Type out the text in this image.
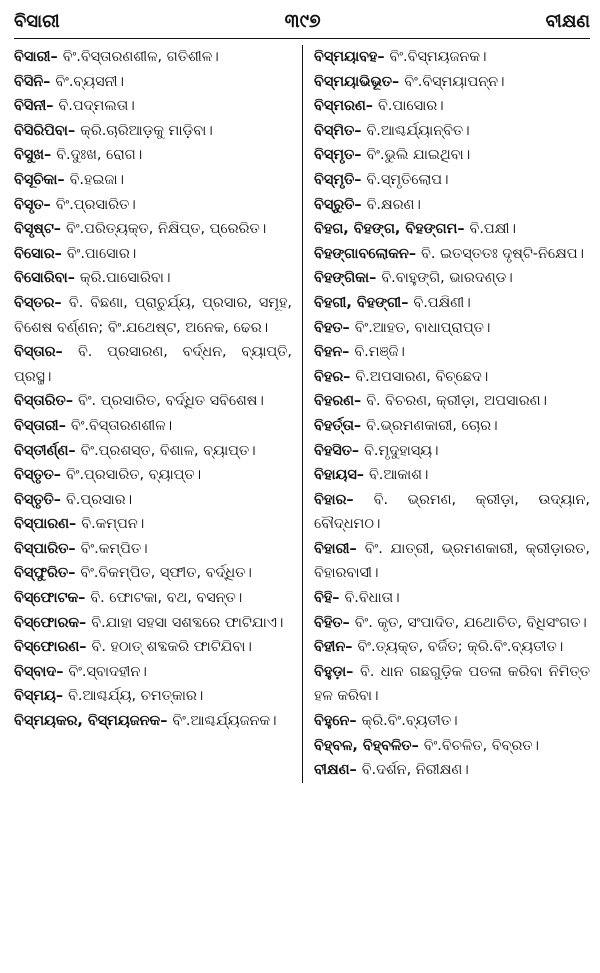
ବିସାରୀ	୩୯୭	ବୀକ୍ଷଣ
ବିସାରୀ– ବିଂ.ବିସ୍ତାରଣଶୀଳ, ଗତିଶୀଳ।
ବିସିନି– ବିଂ.ବ୍ୟସନୀ।
ବିସିନୀ– ବି.ପଦ୍ମଲତା।
ବିସିରିପିବା– କ୍ରି.ଚାରିଆଡ଼କୁ ମାଡ଼ିବା।
ବିସୁଖ– ବି.ଦୁଃଖ, ରୋଗ।
ବିସୂଚିକା– ବି.ହଇଜା।
ବିସୃତ– ବିଂ.ପ୍ରସାରିତ।
ବିସୃଷ୍ଟ– ବିଂ.ପରିତ୍ୟକ୍ତ, ନିକ୍ଷିପ୍ତ, ପ୍ରେରିତ।
ବିସୋର– ବିଂ.ପାସୋର।
ବିସୋରିବା– କ୍ରି.ପାସୋରିବା।
ବିସ୍ତର– ବି. ବିଛଣା, ପ୍ରାଚୁର୍ଯ୍ୟ, ପ୍ରସାର, ସମୂହ, ବିଶେଷ ବର୍ଣ୍ଣନ; ବିଂ.ଯଥେଷ୍ଟ, ଅନେକ, ଢେର।
ବିସ୍ତାର– ବି. ପ୍ରସାରଣ, ବର୍ଦ୍ଧନ, ବ୍ୟାପ୍ତି, ପ୍ରସ୍ଥ।
ବିସ୍ତାରିତ– ବିଂ. ପ୍ରସାରିତ, ବର୍ଦ୍ଧିତ ସବିଶେଷ।
ବିସ୍ତାରୀ– ବିଂ.ବିସ୍ତାରଣଶୀଳ।
ବିସ୍ତୀର୍ଣ୍ଣ– ବିଂ.ପ୍ରଶସ୍ତ, ବିଶାଳ, ବ୍ୟାପ୍ତ।
ବିସ୍ତୃତ– ବିଂ.ପ୍ରସାରିତ, ବ୍ୟାପ୍ତ।
ବିସ୍ତୃତି– ବି.ପ୍ରସାର।
ବିସ୍ପାରଣ– ବି.କମ୍ପନ।
ବିସ୍ପାରିତ– ବିଂ.କମ୍ପିତ।
ବିସ୍ଫୁରିତ– ବିଂ.ବିକମ୍ପିତ, ସ୍ଫୀତ, ବର୍ଦ୍ଧିତ।
ବିସ୍ଫୋଟକ– ବି. ଫୋଟକା, ବଥ, ବସନ୍ତ।
ବିସ୍ଫୋରକ– ବି.ଯାହା ସହସା ସଶବ୍ଦରେ ଫାଟିଯାଏ।
ବିସ୍ଫୋରଣ– ବି. ହଠାତ୍ ଶବ୍ଦକରି ଫାଟିଯିବା।
ବିସ୍ବାଦ– ବିଂ.ସ୍ବାଦହୀନ।
ବିସ୍ମୟ– ବି.ଆଶ୍ଚର୍ଯ୍ୟ, ଚମତ୍କାର।
ବିସ୍ମୟକର, ବିସ୍ମୟଜନକ– ବିଂ.ଆଶ୍ଚର୍ଯ୍ୟଜନକ।
ବିସ୍ମୟାବହ– ବିଂ.ବିସ୍ମୟଜନକ।
ବିସ୍ମୟାଭିଭୂତ– ବିଂ.ବିସ୍ମୟାପନ୍ନ।
ବିସ୍ମରଣ– ବି.ପାସୋର।
ବିସ୍ମିତ– ବି.ଆଶ୍ଚର୍ଯ୍ୟାନ୍ବିତ।
ବିସ୍ମୃତ– ବିଂ.ଭୁଲି ଯାଇଥିବା।
ବିସ୍ମୃତି– ବି.ସ୍ମୃତିଲୋପ।
ବିସ୍ରୁତି– ବି.କ୍ଷରଣ।
ବିହଗ, ବିହଙ୍ଗ, ବିହଙ୍ଗମ– ବି.ପକ୍ଷୀ।
ବିହଙ୍ଗାବଲୋକନ– ବି. ଇତସ୍ତତଃ ଦୃଷ୍ଟି-ନିକ୍ଷେପ।
ବିହଙ୍ଗିକା– ବି.ବାହୁଙ୍ଗି, ଭାରଦଣ୍ଡ।
ବିହଗୀ, ବିହଙ୍ଗୀ– ବି.ପକ୍ଷିଣୀ।
ବିହତ– ବିଂ.ଆହତ, ବାଧାପ୍ରାପ୍ତ।
ବିହନ– ବି.ମଞ୍ଜି।
ବିହର– ବି.ଅପସାରଣ, ବିଚ୍ଛେଦ।
ବିହରଣ– ବି. ବିଚରଣ, କ୍ରୀଡ଼ା, ଅପସାରଣ।
ବିହର୍ତ୍ତା– ବି.ଭ୍ରମଣକାରୀ, ଚୋର।
ବିହସିତ– ବି.ମୃଦୁହାସ୍ୟ।
ବିହାୟସ– ବି.ଆକାଶ।
ବିହାର– ବି. ଭ୍ରମଣ, କ୍ରୀଡ଼ା, ଉଦ୍ୟାନ, ବୌଦ୍ଧମଠ।
ବିହାରୀ– ବିଂ. ଯାତ୍ରୀ, ଭ୍ରମଣକାରୀ, କ୍ରୀଡ଼ାରତ, ବିହାରବାସୀ।
ବିହି– ବି.ବିଧାତା।
ବିହିତ– ବିଂ. କୃତ, ସଂପାଦିତ, ଯଥୋଚିତ, ବିଧିସଂଗତ।
ବିହୀନ– ବିଂ.ତ୍ୟକ୍ତ, ବର୍ଜିତ; କ୍ରି.ବିଂ.ବ୍ୟତୀତ।
ବିହୁଡ଼ା– ବି. ଧାନ ଗଛଗୁଡ଼ିକ ପତଳା କରିବା ନିମିତ୍ତ ହଳ କରିବା।
ବିହୁନେ– କ୍ରି.ବିଂ.ବ୍ୟତୀତ।
ବିହ୍ବଳ, ବିହ୍ବଳିତ– ବିଂ.ବିଚଳିତ, ବିବ୍ରତ।
ବୀକ୍ଷଣ– ବି.ଦର୍ଶନ, ନିରୀକ୍ଷଣ।
